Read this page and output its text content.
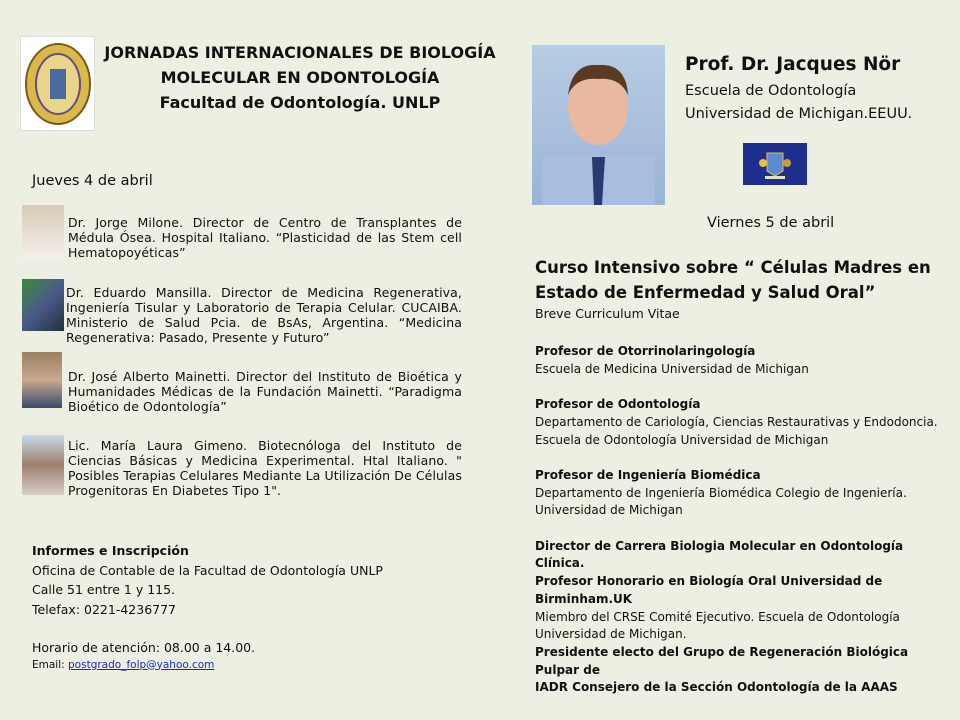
JORNADAS INTERNACIONALES DE BIOLOGÍA
MOLECULAR EN ODONTOLOGÍA
Facultad de Odontología. UNLP
Jueves 4 de abril
Dr. Jorge Milone. Director de Centro de Transplantes de Médula Ósea. Hospital Italiano. “Plasticidad de las Stem cell Hematopoyéticas”
Dr. Eduardo Mansilla. Director de Medicina Regenerativa, Ingeniería Tisular y Laboratorio de Terapia Celular. CUCAIBA. Ministerio de Salud Pcia. de BsAs, Argentina. “Medicina Regenerativa: Pasado, Presente y Futuro”
Dr. José Alberto Mainetti. Director del Instituto de Bioética y Humanidades Médicas de la Fundación Mainetti. “Paradigma Bioético de Odontología”
Lic. María Laura Gimeno. Biotecnóloga del Instituto de Ciencias Básicas y Medicina Experimental. Htal Italiano. " Posibles Terapias Celulares Mediante La Utilización De Células Progenitoras En Diabetes Tipo 1".
Informes e Inscripción
Oficina de Contable de la Facultad de Odontología UNLP
Calle 51 entre 1 y 115.
Telefax: 0221-4236777
Horario de atención: 08.00 a 14.00.
Email: postgrado_folp@yahoo.com
Prof. Dr. Jacques Nör
Escuela de Odontología
Universidad de Michigan.EEUU.
Viernes 5 de abril
Curso Intensivo sobre “ Células Madres en
Estado de Enfermedad y Salud Oral”
Breve Curriculum Vitae
Profesor de Otorrinolaringología
Escuela de Medicina Universidad de Michigan
Profesor de Odontología
Departamento de Cariología, Ciencias Restaurativas y Endodoncia.
Escuela de Odontología Universidad de Michigan
Profesor de Ingeniería Biomédica
Departamento de Ingeniería Biomédica Colegio de Ingeniería.
Universidad de Michigan
Director de Carrera Biologia Molecular en Odontología Clínica.
Profesor Honorario en Biología Oral Universidad de
Birminham.UK
Miembro del CRSE Comité Ejecutivo. Escuela de Odontología
Universidad de Michigan.
Presidente electo del Grupo de Regeneración Biológica Pulpar de
IADR Consejero de la Sección Odontología de la AAAS
